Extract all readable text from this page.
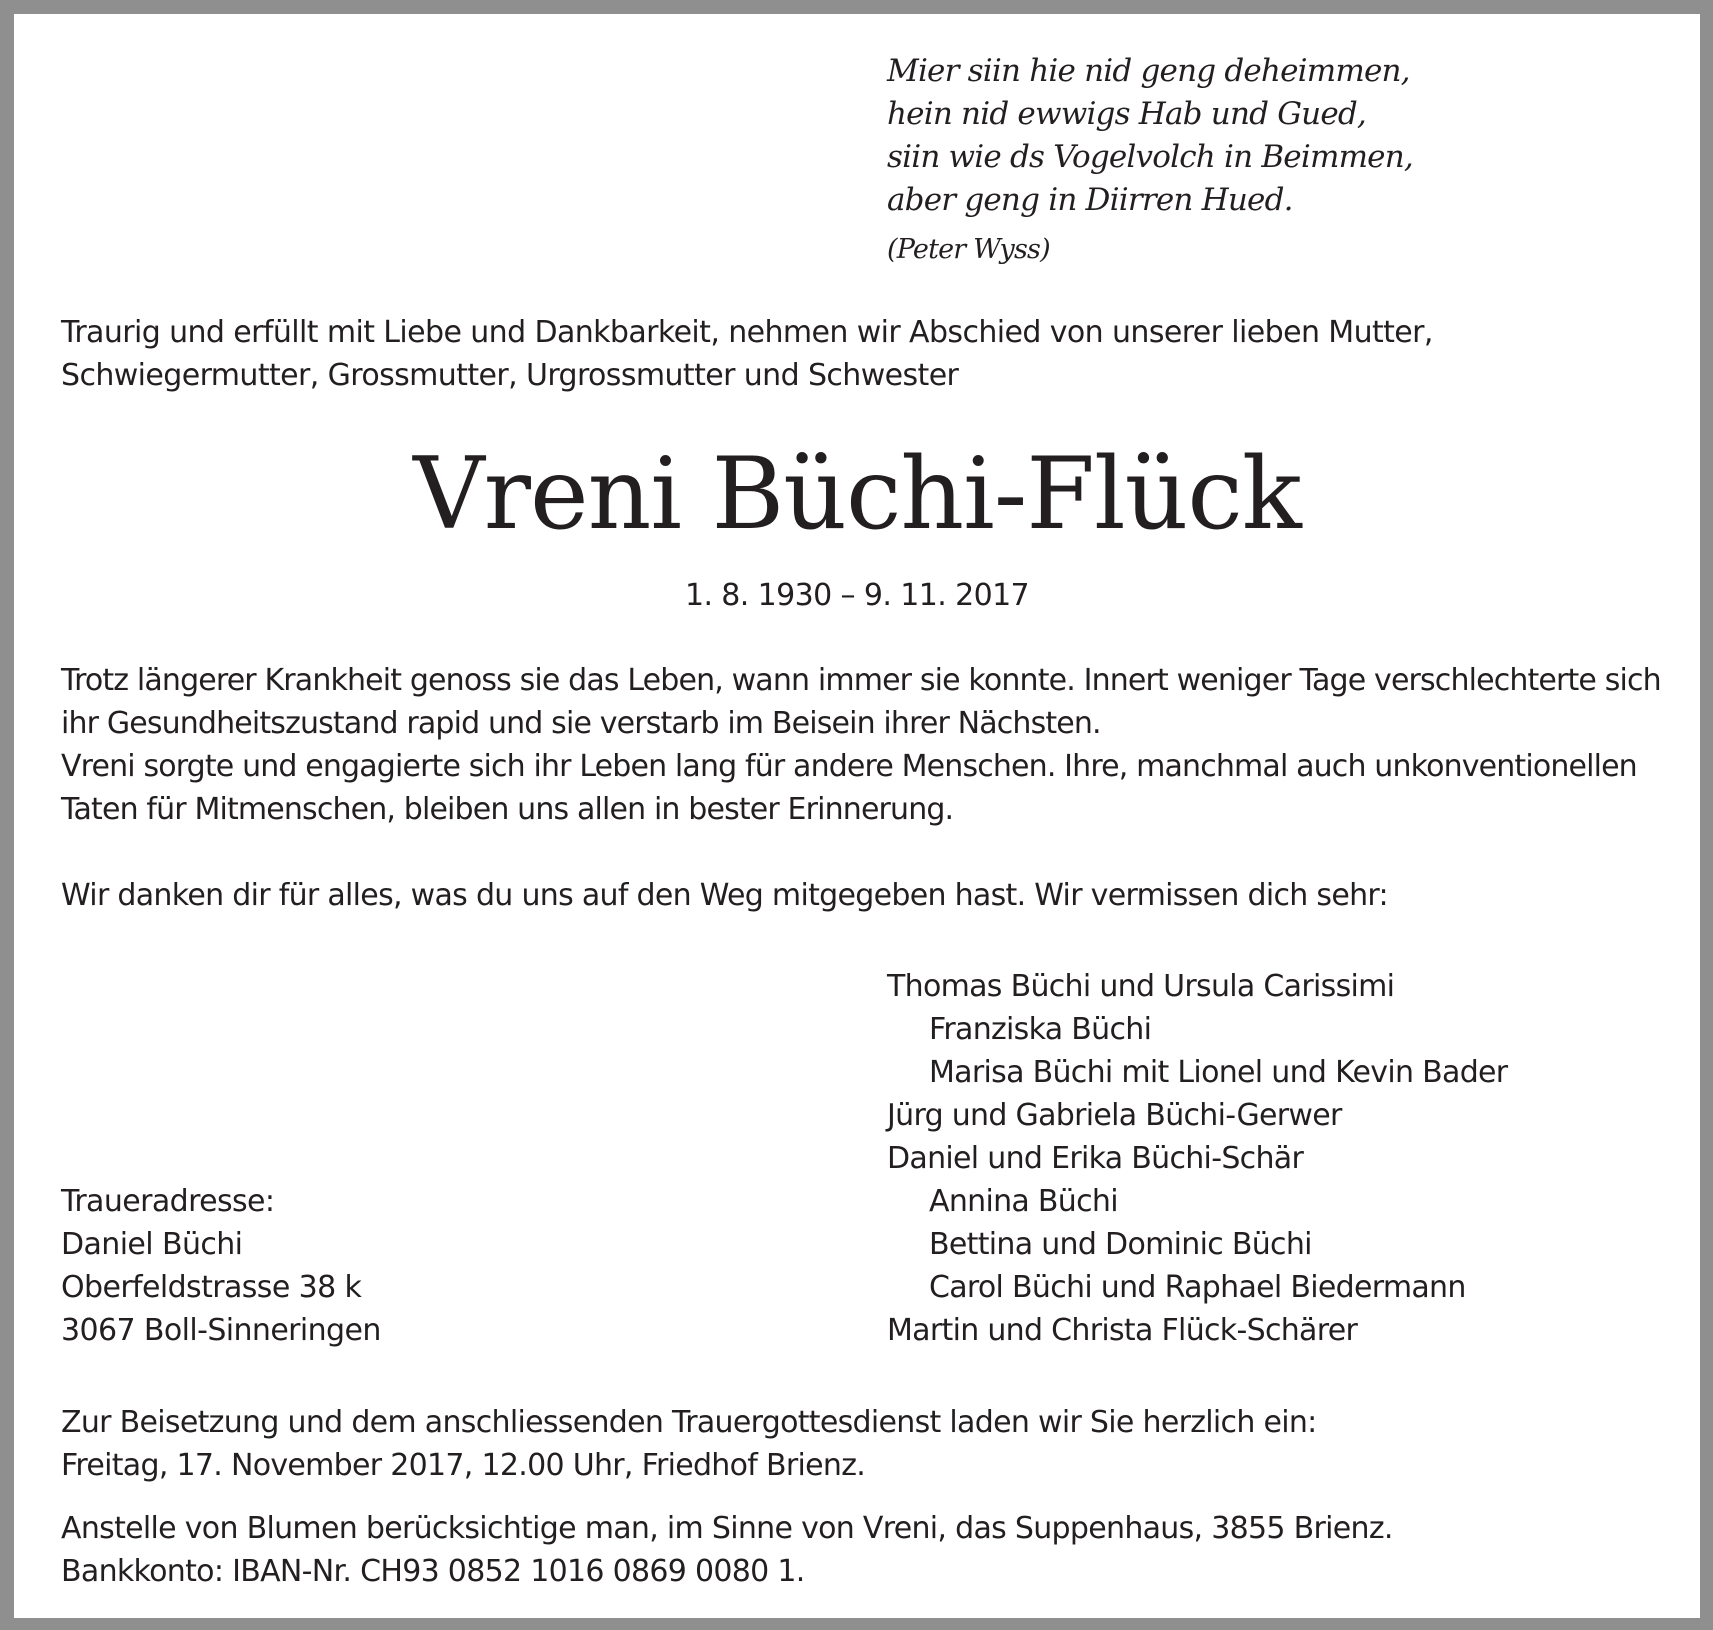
Mier siin hie nid geng deheimmen,
hein nid ewwigs Hab und Gued,
siin wie ds Vogelvolch in Beimmen,
aber geng in Diirren Hued.
(Peter Wyss)
Traurig und erfüllt mit Liebe und Dankbarkeit, nehmen wir Abschied von unserer lieben Mutter, Schwiegermutter, Grossmutter, Urgrossmutter und Schwester
Vreni Büchi-Flück
1. 8. 1930 – 9. 11. 2017

Trotz längerer Krankheit genoss sie das Leben, wann immer sie konnte. Innert weniger Tage verschlechterte sich ihr Gesundheitszustand rapid und sie verstarb im Beisein ihrer Nächsten.

Vreni sorgte und engagierte sich ihr Leben lang für andere Menschen. Ihre, manchmal auch unkonventionellen Taten für Mitmenschen, bleiben uns allen in bester Erinnerung.

Wir danken dir für alles, was du uns auf den Weg mitgegeben hast. Wir vermissen dich sehr:
Thomas Büchi und Ursula Carissimi
Franziska Büchi
Marisa Büchi mit Lionel und Kevin Bader
Jürg und Gabriela Büchi-Gerwer
Daniel und Erika Büchi-Schär
Annina Büchi
Bettina und Dominic Büchi
Carol Büchi und Raphael Biedermann
Martin und Christa Flück-Schärer
Traueradresse:
Daniel Büchi
Oberfeldstrasse 38 k
3067 Boll-Sinneringen
Zur Beisetzung und dem anschliessenden Trauergottesdienst laden wir Sie herzlich ein:
Freitag, 17. November 2017, 12.00 Uhr, Friedhof Brienz.
Anstelle von Blumen berücksichtige man, im Sinne von Vreni, das Suppenhaus, 3855 Brienz.
Bankkonto: IBAN-Nr. CH93 0852 1016 0869 0080 1.
